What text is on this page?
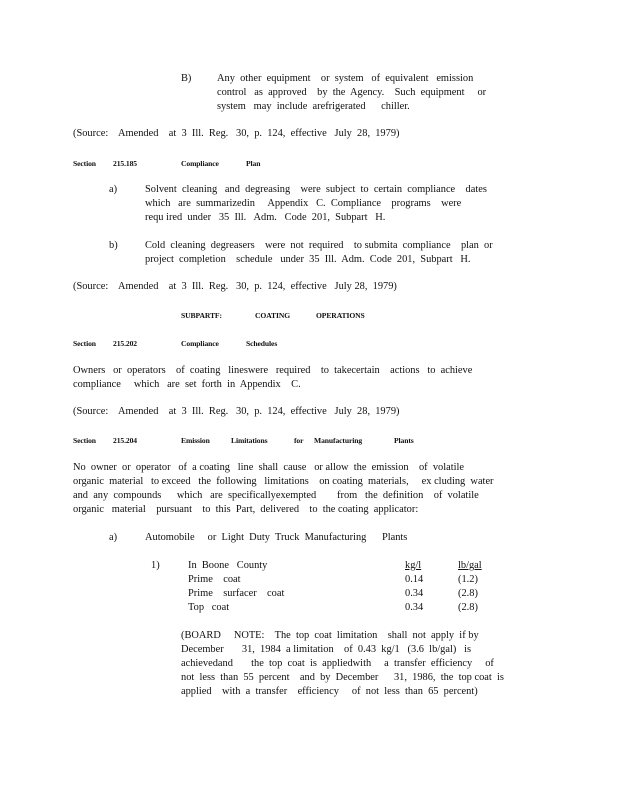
B) Any  other  equipment    or  system   of  equivalent   emission
control   as  approved    by  the  Agency.    Such  equipment     or
system   may  include  arefrigerated      chiller.
(Source:    Amended    at  3  Ill.  Reg.   30,  p.  124,  effective   July  28,  1979)
Section 215.185	Compliance	Plan
a)	Solvent  cleaning   and  degreasing    were  subject  to  certain  compliance    dates
which   are  summarizedin     Appendix   C.  Compliance    programs    were
requ ired  under   35  Ill.   Adm.   Code  201,  Subpart   H.
b)	Cold  cleaning  degreasers    were  not  required    to submita  compliance    plan  or
project  completion    schedule   under  35  Ill.  Adm.  Code  201,  Subpart   H.
(Source:    Amended    at  3  Ill.  Reg.   30,  p.  124,  effective   July 28,  1979)
SUBPARTF:	COATING	OPERATIONS
Section 215.202	Compliance	Schedules
Owners   or  operators    of  coating   lineswere   required    to  takecertain    actions   to  achieve
compliance     which   are  set  forth  in  Appendix    C.
(Source:    Amended    at  3  Ill.  Reg.   30,  p.  124,  effective   July  28,  1979)
Section 215.204	Emission	Limitations	for Manufacturing	Plants
No  owner  or  operator   of  a coating   line  shall  cause   or allow  the  emission    of  volatile
organic  material   to exceed   the  following   limitations    on coating  materials,     ex cluding  water
and  any  compounds      which   are  specificallyexempted        from   the  definition    of  volatile
organic   material    pursuant    to  this  Part,  delivered    to  the coating  applicator:
a)	Automobile     or  Light  Duty  Truck  Manufacturing      Plants
1)	In  Boone   County	kg/l	lb/gal
Prime    coat	0.14	(1.2)
Prime    surfacer    coat	0.34	(2.8)
Top   coat	0.34	(2.8)
(BOARD     NOTE:    The  top  coat  limitation    shall  not  apply  if by
December       31,  1984  a limitation    of  0.43  kg/1   (3.6  lb/gal)   is
achievedand       the  top  coat  is  appliedwith     a  transfer  efficiency     of
not  less  than  55  percent    and  by  December      31,  1986,  the  top coat  is
applied    with  a  transfer    efficiency     of  not  less  than  65  percent)
